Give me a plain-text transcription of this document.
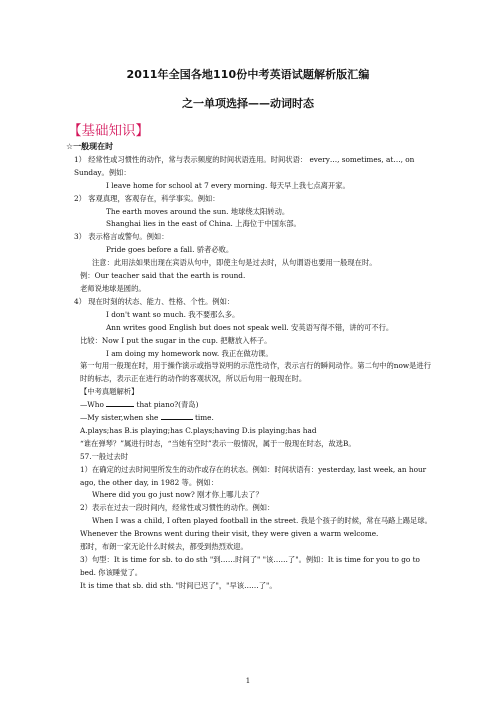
2011年全国各地110份中考英语试题解析版汇编
之一单项选择——动词时态
【基础知识】

☆一般现在时

1） 经常性或习惯性的动作，常与表示频度的时间状语连用。时间状语： every…, sometimes, at…, on Sunday。例如：

I leave home for school at 7 every morning. 每天早上我七点离开家。

2） 客观真理，客观存在，科学事实。例如：

The earth moves around the sun. 地球绕太阳转动。

Shanghai lies in the east of China. 上海位于中国东部。

3） 表示格言或警句。例如：

Pride goes before a fall. 骄者必败。

注意：此用法如果出现在宾语从句中，即使主句是过去时，从句谓语也要用一般现在时。

例：Our teacher said that the earth is round.

老师说地球是圆的。

4） 现在时刻的状态、能力、性格、个性。例如：

I don't want so much. 我不要那么多。

Ann writes good English but does not speak well. 安英语写得不错，讲的可不行。

比较：Now I put the sugar in the cup. 把糖放入杯子。

I am doing my homework now. 我正在做功课。

第一句用一般现在时，用于操作演示或指导说明的示范性动作，表示言行的瞬间动作。第二句中的now是进行时的标志，表示正在进行的动作的客观状况，所以后句用一般现在时。

【中考真题解析】

—Who	that piano?(青岛)

—My sister,when she	time.

A.plays;has B.is playing;has C.plays;having D.is playing;has had

“谁在弹琴？”属进行时态，“当她有空时”表示一般情况，属于一般现在时态，故选B。

57.一般过去时

1）在确定的过去时间里所发生的动作或存在的状态。例如：时间状语有：yesterday, last week, an hour ago, the other day, in 1982 等。例如：

Where did you go just now? 刚才你上哪儿去了？

2）表示在过去一段时间内，经常性或习惯性的动作。例如：

When I was a child, I often played football in the street. 我是个孩子的时候，常在马路上踢足球。

Whenever the Browns went during their visit, they were given a warm welcome.

那时，布朗一家无论什么时候去，都受到热烈欢迎。

3）句型：It is time for sb. to do sth "到……时间了" "该……了"。例如：It is time for you to go to bed. 你该睡觉了。

It is time that sb. did sth. "时间已迟了"，"早该……了"。

1
